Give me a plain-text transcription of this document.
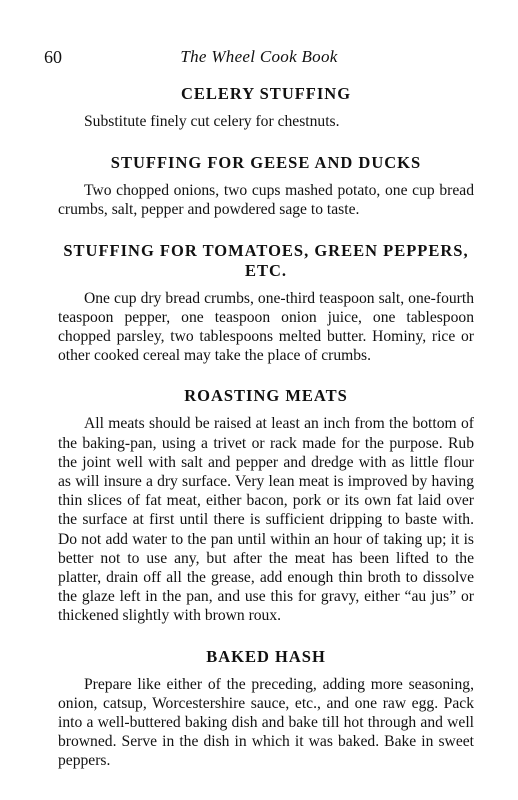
60	The Wheel Cook Book
CELERY STUFFING

Substitute finely cut celery for chestnuts.

STUFFING FOR GEESE AND DUCKS

Two chopped onions, two cups mashed potato, one cup bread crumbs, salt, pepper and powdered sage to taste.

STUFFING FOR TOMATOES, GREEN PEPPERS, ETC.

One cup dry bread crumbs, one-third teaspoon salt, one-fourth teaspoon pepper, one teaspoon onion juice, one tablespoon chopped parsley, two tablespoons melted butter. Hominy, rice or other cooked cereal may take the place of crumbs.

ROASTING MEATS

All meats should be raised at least an inch from the bottom of the baking-pan, using a trivet or rack made for the purpose. Rub the joint well with salt and pepper and dredge with as little flour as will insure a dry surface. Very lean meat is improved by having thin slices of fat meat, either bacon, pork or its own fat laid over the surface at first until there is sufficient dripping to baste with. Do not add water to the pan until within an hour of taking up; it is better not to use any, but after the meat has been lifted to the platter, drain off all the grease, add enough thin broth to dissolve the glaze left in the pan, and use this for gravy, either “au jus” or thickened slightly with brown roux.

BAKED HASH

Prepare like either of the preceding, adding more seasoning, onion, catsup, Worcestershire sauce, etc., and one raw egg. Pack into a well-buttered baking dish and bake till hot through and well browned. Serve in the dish in which it was baked. Bake in sweet peppers.
